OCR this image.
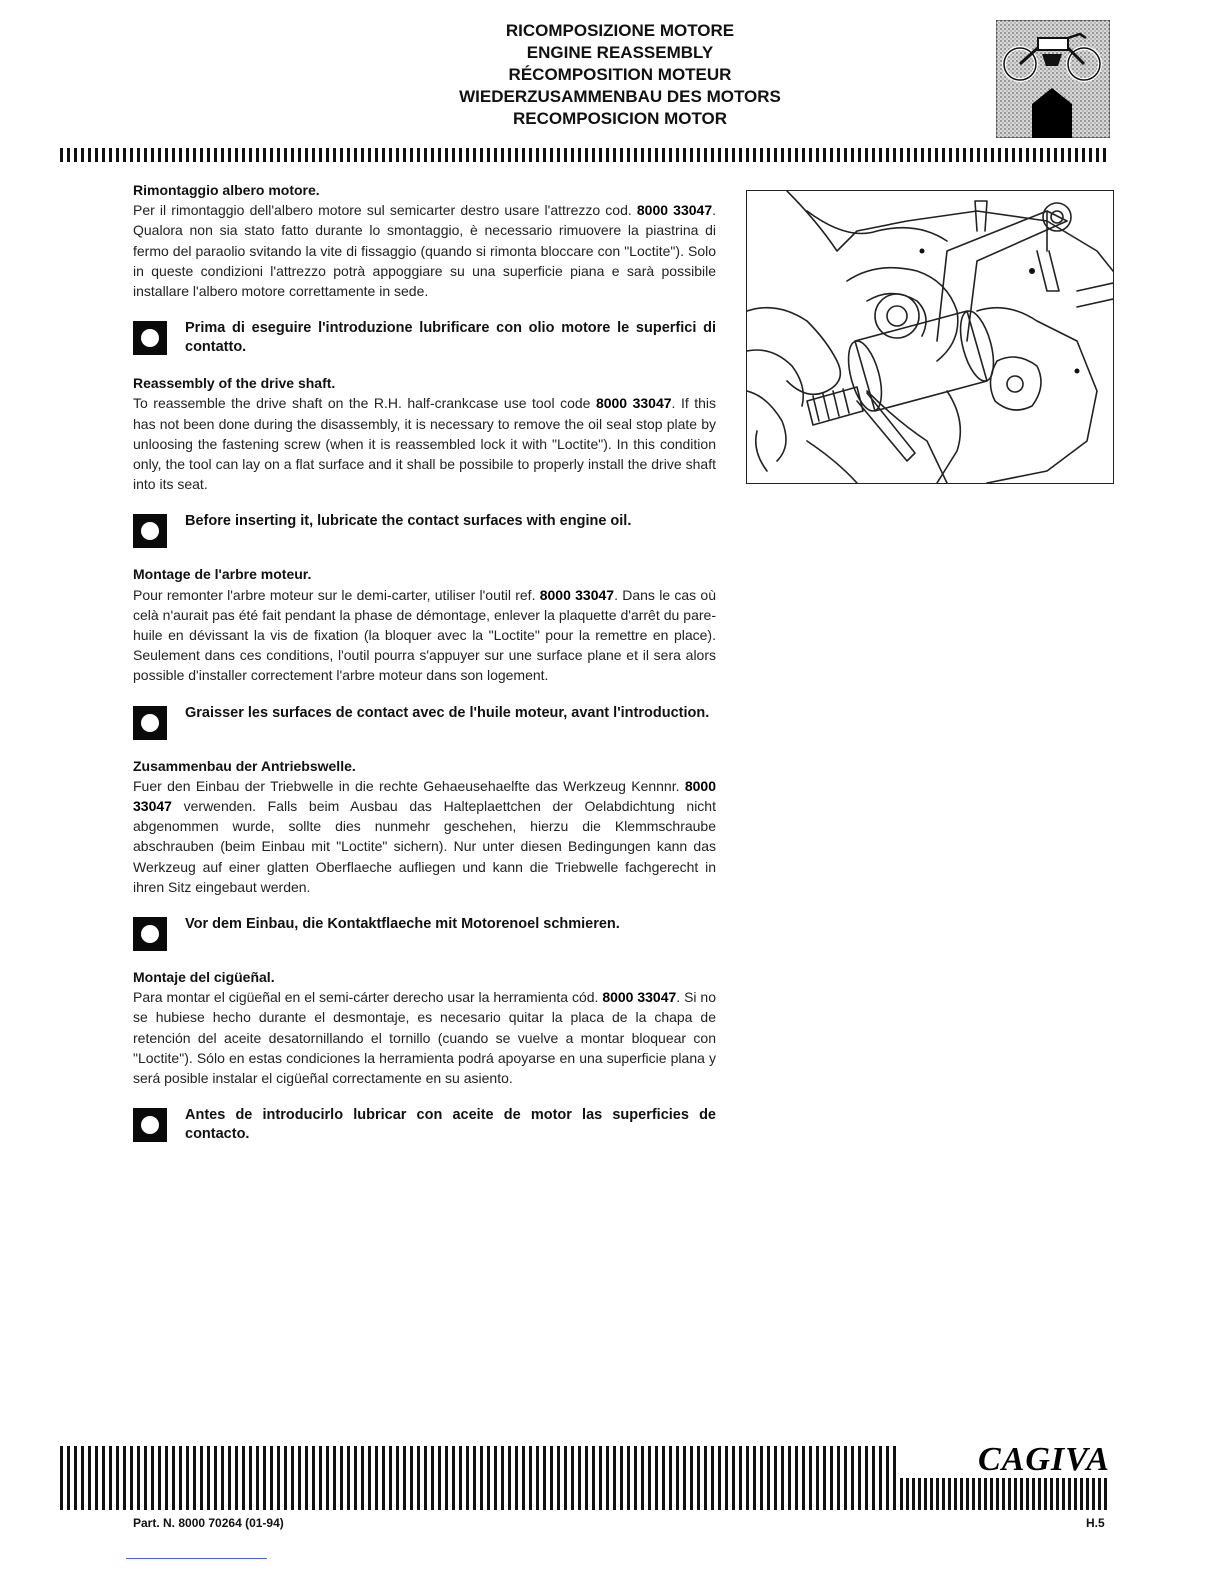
RICOMPOSIZIONE MOTORE
ENGINE REASSEMBLY
RÉCOMPOSITION MOTEUR
WIEDERZUSAMMENBAU DES MOTORS
RECOMPOSICION MOTOR

Rimontaggio albero motore.

Per il rimontaggio dell'albero motore sul semicarter destro usare l'attrezzo cod. 8000 33047. Qualora non sia stato fatto durante lo smontaggio, è necessario rimuovere la piastrina di fermo del paraolio svitando la vite di fissaggio (quando si rimonta bloccare con "Loctite"). Solo in queste condizioni l'attrezzo potrà appoggiare su una superficie piana e sarà possibile installare l'albero motore correttamente in sede.

Prima di eseguire l'introduzione lubrificare con olio motore le superfici di contatto.

Reassembly of the drive shaft.

To reassemble the drive shaft on the R.H. half-crankcase use tool code 8000 33047. If this has not been done during the disassembly, it is necessary to remove the oil seal stop plate by unloosing the fastening screw (when it is reassembled lock it with "Loctite"). In this condition only, the tool can lay on a flat surface and it shall be possibile to properly install the drive shaft into its seat.

Before inserting it, lubricate the contact surfaces with engine oil.

Montage de l'arbre moteur.

Pour remonter l'arbre moteur sur le demi-carter, utiliser l'outil ref. 8000 33047. Dans le cas où celà n'aurait pas été fait pendant la phase de démontage, enlever la plaquette d'arrêt du pare-huile en dévissant la vis de fixation (la bloquer avec la "Loctite" pour la remettre en place). Seulement dans ces conditions, l'outil pourra s'appuyer sur une surface plane et il sera alors possible d'installer correctement l'arbre moteur dans son logement.

Graisser les surfaces de contact avec de l'huile moteur, avant l'introduction.

Zusammenbau der Antriebswelle.

Fuer den Einbau der Triebwelle in die rechte Gehaeusehaelfte das Werkzeug Kennnr. 8000 33047 verwenden. Falls beim Ausbau das Halteplaettchen der Oelabdichtung nicht abgenommen wurde, sollte dies nunmehr geschehen, hierzu die Klemmschraube abschrauben (beim Einbau mit "Loctite" sichern). Nur unter diesen Bedingungen kann das Werkzeug auf einer glatten Oberflaeche aufliegen und kann die Triebwelle fachgerecht in ihren Sitz eingebaut werden.

Vor dem Einbau, die Kontaktflaeche mit Motorenoel schmieren.

Montaje del cigüeñal.

Para montar el cigüeñal en el semi-cárter derecho usar la herramienta cód. 8000 33047. Si no se hubiese hecho durante el desmontaje, es necesario quitar la placa de la chapa de retención del aceite desatornillando el tornillo (cuando se vuelve a montar bloquear con "Loctite"). Sólo en estas condiciones la herramienta podrá apoyarse en una superficie plana y será posible instalar el cigüeñal correctamente en su asiento.

Antes de introducirlo lubricar con aceite de motor las superficies de contacto.
CAGIVA
Part. N. 8000 70264 (01-94)	H.5
